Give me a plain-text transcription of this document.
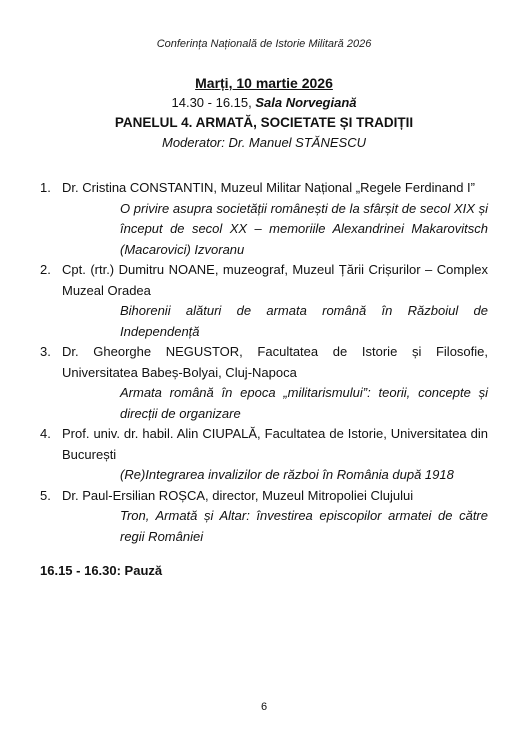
Conferința Națională de Istorie Militară 2026
Marți, 10 martie 2026
14.30 - 16.15, Sala Norvegiană
PANELUL 4. ARMATĂ, SOCIETATE ȘI TRADIȚII
Moderator: Dr. Manuel STĂNESCU
1. Dr. Cristina CONSTANTIN, Muzeul Militar Național „Regele Ferdinand I”
O privire asupra societății românești de la sfârșit de secol XIX și început de secol XX – memoriile Alexandrinei Makarovitsch (Macarovici) Izvoranu
2. Cpt. (rtr.) Dumitru NOANE, muzeograf, Muzeul Țării Crișurilor – Complex Muzeal Oradea
Bihorenii alături de armata română în Războiul de Independență
3. Dr. Gheorghe NEGUSTOR, Facultatea de Istorie și Filosofie, Universitatea Babeș-Bolyai, Cluj-Napoca
Armata română în epoca „militarismului”: teorii, concepte și direcții de organizare
4. Prof. univ. dr. habil. Alin CIUPALĂ, Facultatea de Istorie, Universitatea din București
(Re)Integrarea invalizilor de război în România după 1918
5. Dr. Paul-Ersilian ROȘCA, director, Muzeul Mitropoliei Clujului
Tron, Armată și Altar: învestirea episcopilor armatei de către regii României
16.15 - 16.30: Pauză
6
